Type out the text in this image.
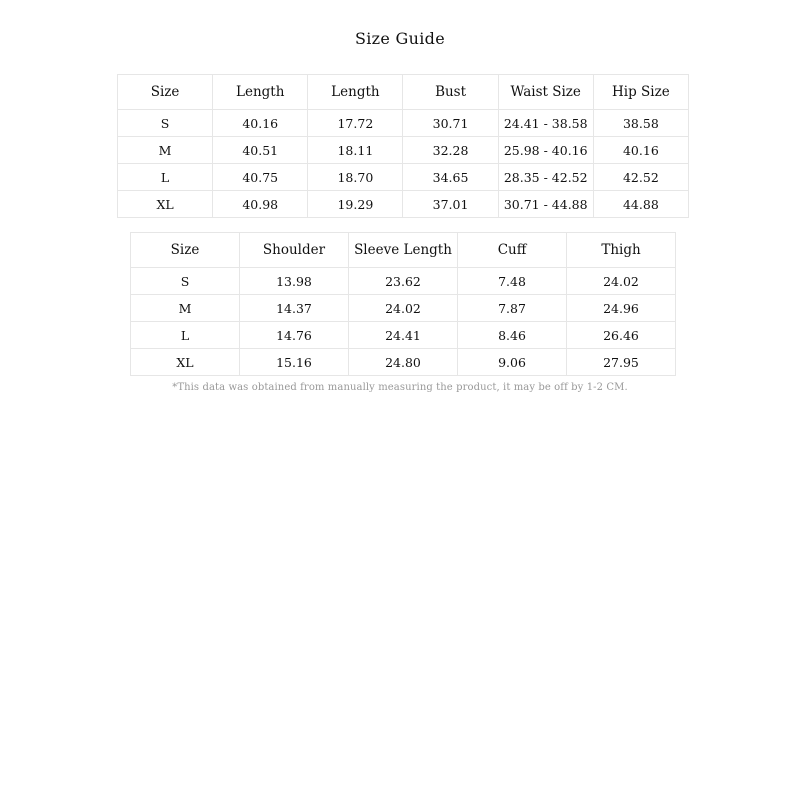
Size Guide
Size	Length	Length	Bust	Waist Size	Hip Size
S	40.16	17.72	30.71	24.41 - 38.58	38.58
M	40.51	18.11	32.28	25.98 - 40.16	40.16
L	40.75	18.70	34.65	28.35 - 42.52	42.52
XL	40.98	19.29	37.01	30.71 - 44.88	44.88
Size	Shoulder	Sleeve Length	Cuff	Thigh
S	13.98	23.62	7.48	24.02
M	14.37	24.02	7.87	24.96
L	14.76	24.41	8.46	26.46
XL	15.16	24.80	9.06	27.95
*This data was obtained from manually measuring the product, it may be off by 1-2 CM.
